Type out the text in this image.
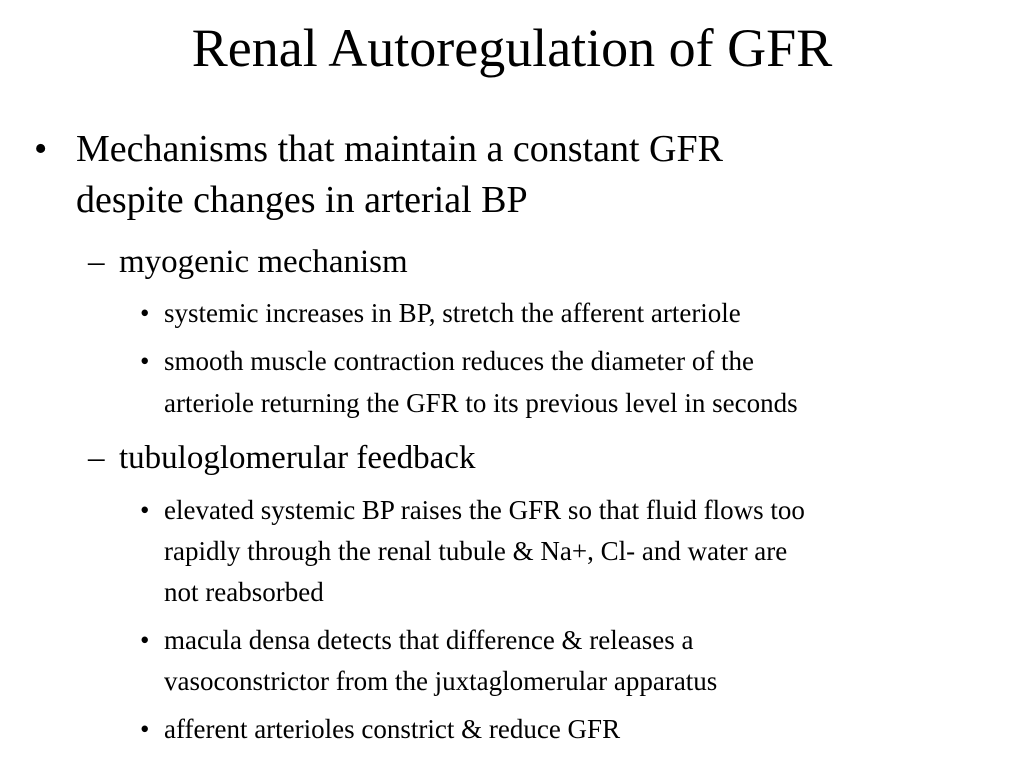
Renal Autoregulation of GFR
• Mechanisms that maintain a constant GFR
despite changes in arterial BP
– myogenic mechanism
• systemic increases in BP, stretch the afferent arteriole
• smooth muscle contraction reduces the diameter of the
arteriole returning the GFR to its previous level in seconds
– tubuloglomerular feedback
• elevated systemic BP raises the GFR so that fluid flows too
rapidly through the renal tubule & Na+, Cl- and water are
not reabsorbed
• macula densa detects that difference & releases a
vasoconstrictor from the juxtaglomerular apparatus
• afferent arterioles constrict & reduce GFR
